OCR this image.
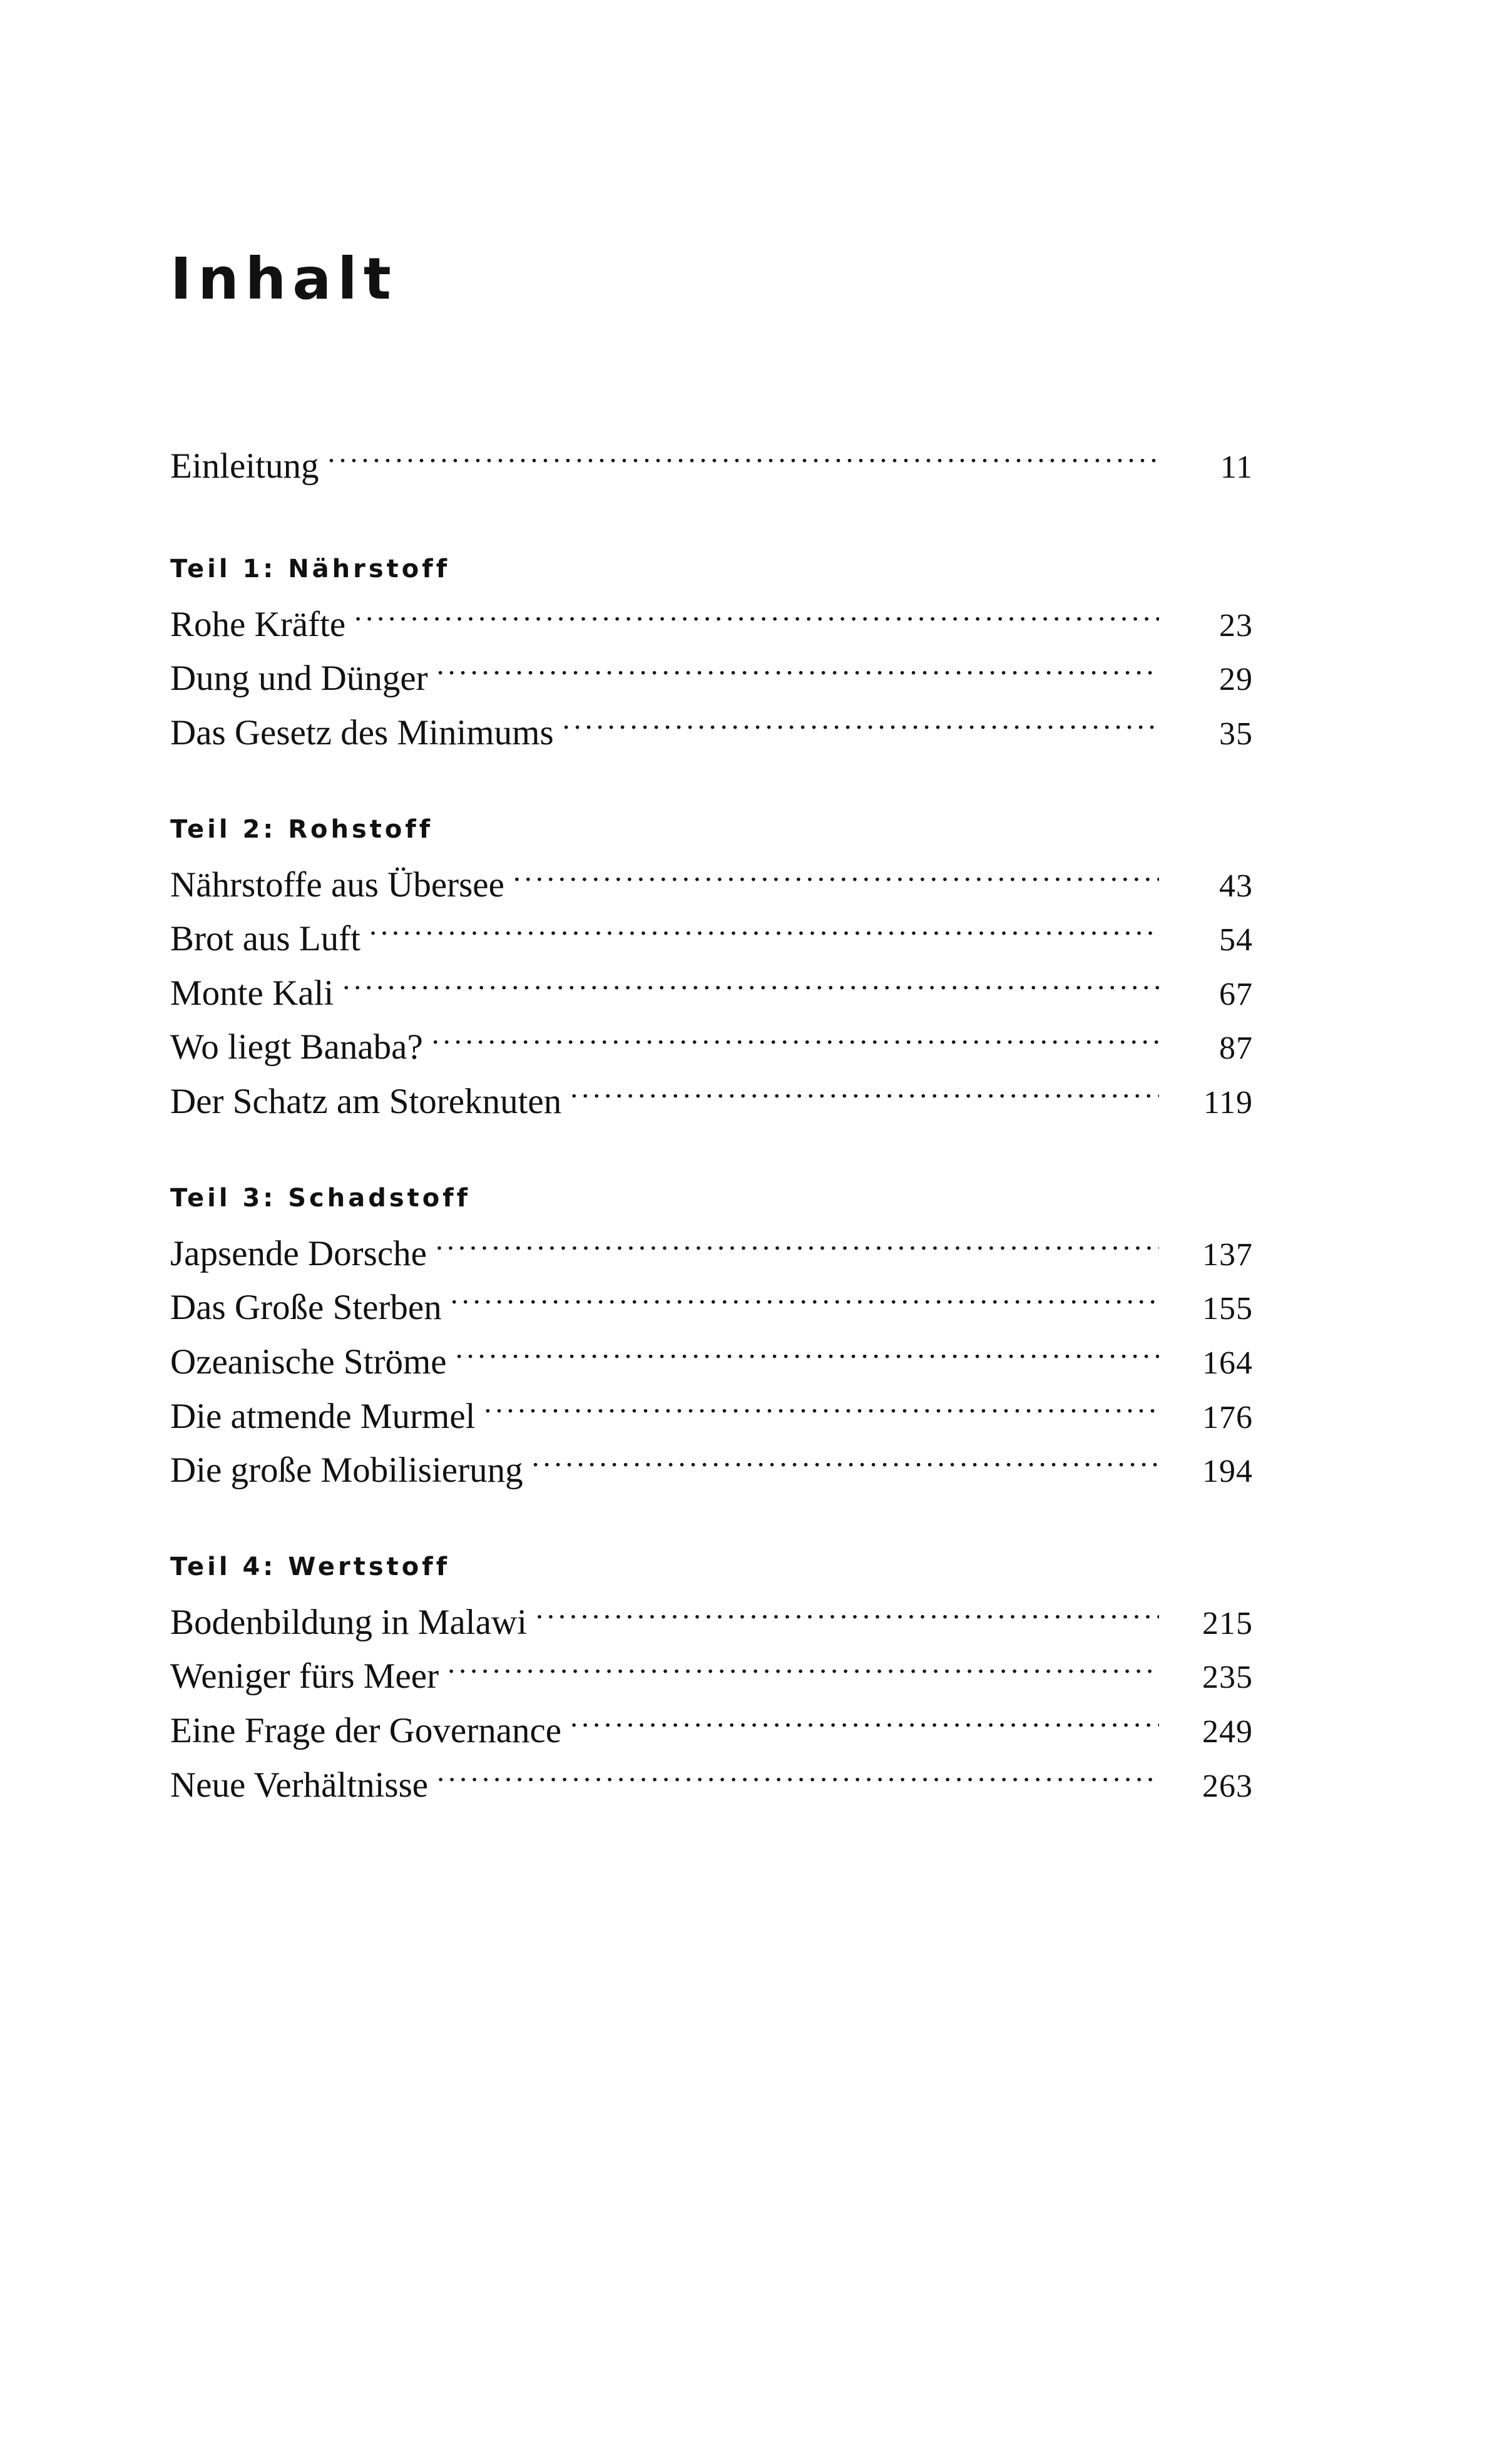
Inhalt
Einleitung .....	11
Teil 1: Nährstoff
Rohe Kräfte .....	23
Dung und Dünger .....	29
Das Gesetz des Minimums .....	35
Teil 2: Rohstoff
Nährstoffe aus Übersee .....	43
Brot aus Luft .....	54
Monte Kali .....	67
Wo liegt Banaba? .....	87
Der Schatz am Storeknuten .....	119
Teil 3: Schadstoff
Japsende Dorsche .....	137
Das Große Sterben .....	155
Ozeanische Ströme .....	164
Die atmende Murmel .....	176
Die große Mobilisierung .....	194
Teil 4: Wertstoff
Bodenbildung in Malawi .....	215
Weniger fürs Meer .....	235
Eine Frage der Governance .....	249
Neue Verhältnisse .....	263
